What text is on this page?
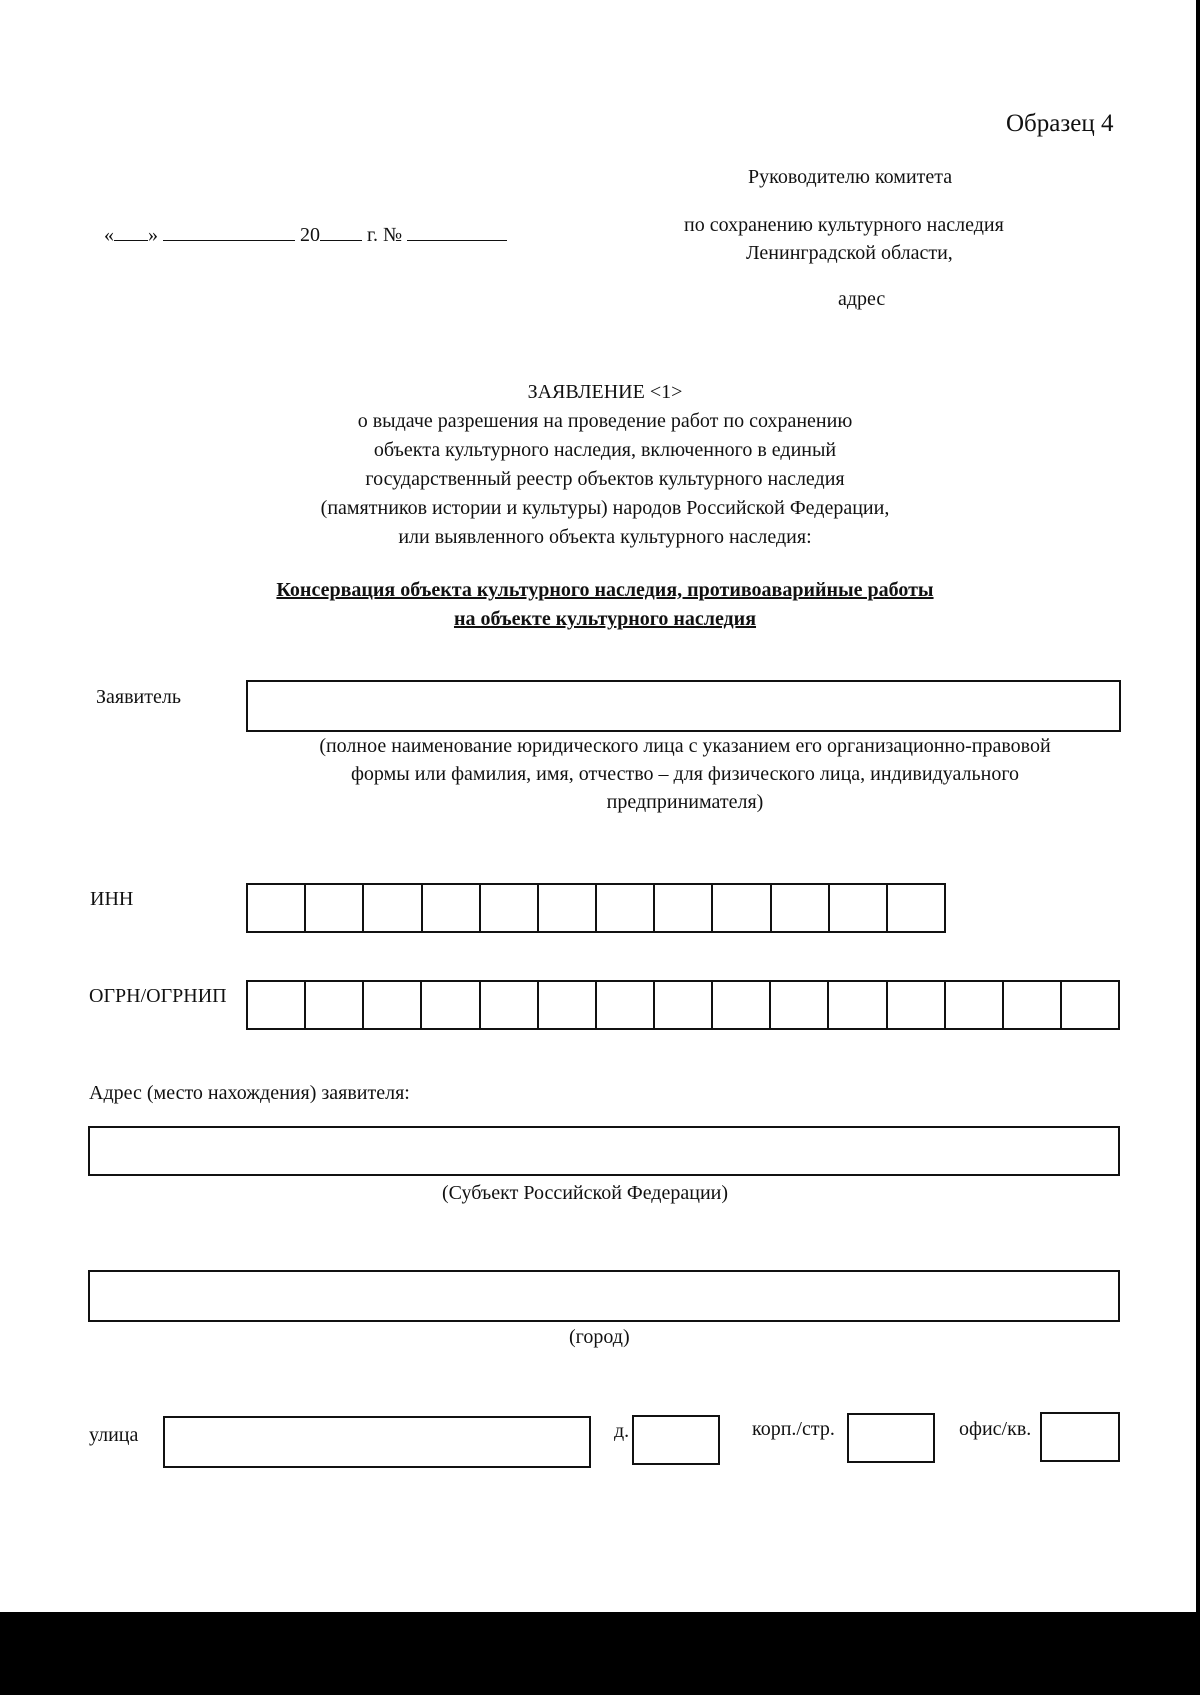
Образец 4
Руководителю комитета
по сохранению культурного наследия
Ленинградской области,
адрес
« »	20 г. №
ЗАЯВЛЕНИЕ <1>
о выдаче разрешения на проведение работ по сохранению
объекта культурного наследия, включенного в единый
государственный реестр объектов культурного наследия
(памятников истории и культуры) народов Российской Федерации,
или выявленного объекта культурного наследия:
Консервация объекта культурного наследия, противоаварийные работы
на объекте культурного наследия
Заявитель
(полное наименование юридического лица с указанием его организационно-правовой
формы или фамилия, имя, отчество – для физического лица, индивидуального
предпринимателя)
ИНН
ОГРН/ОГРНИП
Адрес (место нахождения) заявителя:
(Субъект Российской Федерации)
(город)
улица	д.	корп./стр.	офис/кв.
